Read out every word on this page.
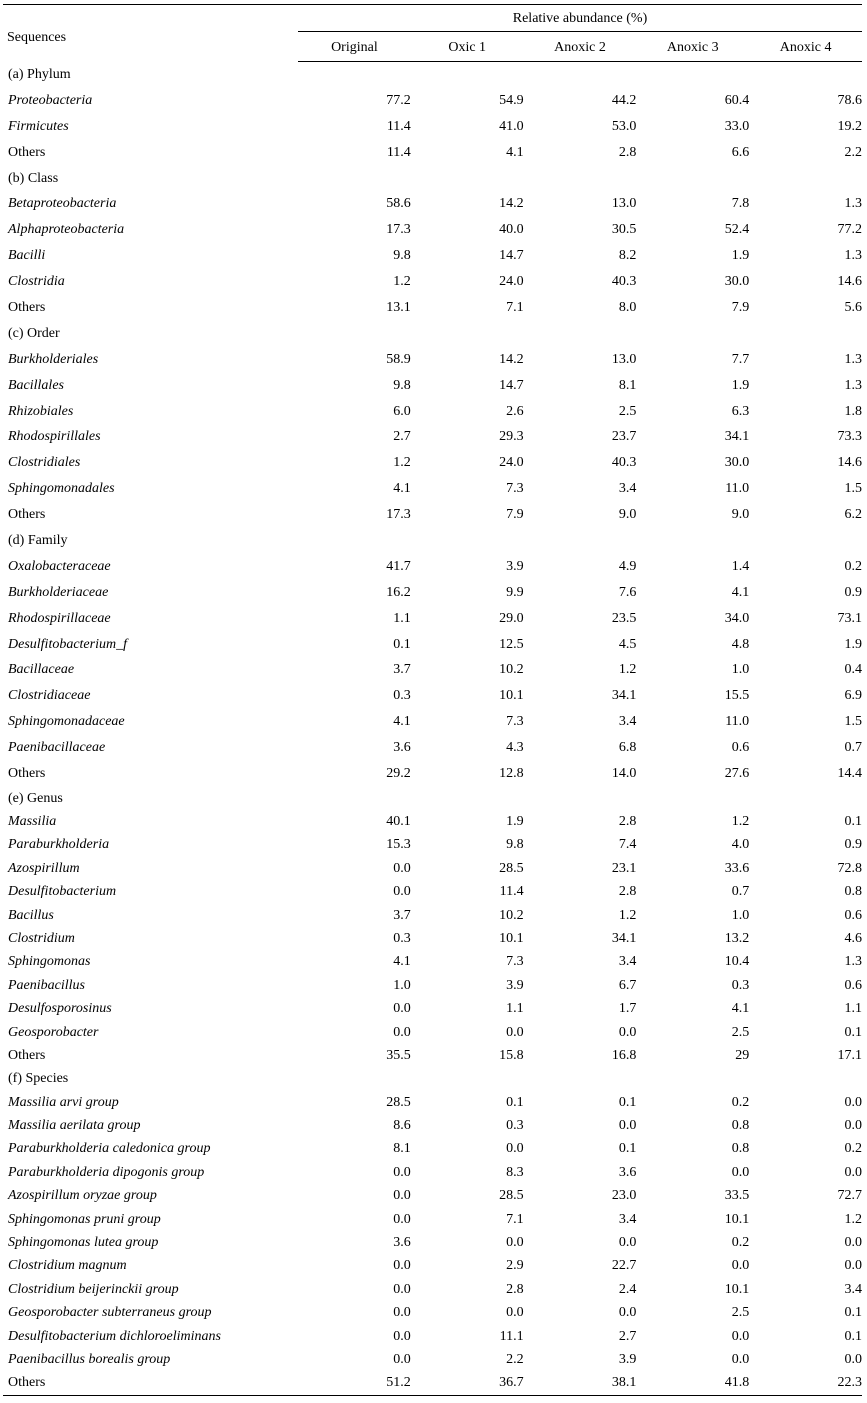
Sequences	Relative abundance (%)				

	Original	Oxic 1	Anoxic 2	Anoxic 3	Anoxic 4
(a) Phylum					
Proteobacteria	77.2	54.9	44.2	60.4	78.6
Firmicutes	11.4	41.0	53.0	33.0	19.2
Others	11.4	4.1	2.8	6.6	2.2
(b) Class					
Betaproteobacteria	58.6	14.2	13.0	7.8	1.3
Alphaproteobacteria	17.3	40.0	30.5	52.4	77.2
Bacilli	9.8	14.7	8.2	1.9	1.3
Clostridia	1.2	24.0	40.3	30.0	14.6
Others	13.1	7.1	8.0	7.9	5.6
(c) Order					
Burkholderiales	58.9	14.2	13.0	7.7	1.3
Bacillales	9.8	14.7	8.1	1.9	1.3
Rhizobiales	6.0	2.6	2.5	6.3	1.8
Rhodospirillales	2.7	29.3	23.7	34.1	73.3
Clostridiales	1.2	24.0	40.3	30.0	14.6
Sphingomonadales	4.1	7.3	3.4	11.0	1.5
Others	17.3	7.9	9.0	9.0	6.2
(d) Family					
Oxalobacteraceae	41.7	3.9	4.9	1.4	0.2
Burkholderiaceae	16.2	9.9	7.6	4.1	0.9
Rhodospirillaceae	1.1	29.0	23.5	34.0	73.1
Desulfitobacterium_f	0.1	12.5	4.5	4.8	1.9
Bacillaceae	3.7	10.2	1.2	1.0	0.4
Clostridiaceae	0.3	10.1	34.1	15.5	6.9
Sphingomonadaceae	4.1	7.3	3.4	11.0	1.5
Paenibacillaceae	3.6	4.3	6.8	0.6	0.7
Others	29.2	12.8	14.0	27.6	14.4
(e) Genus					
Massilia	40.1	1.9	2.8	1.2	0.1
Paraburkholderia	15.3	9.8	7.4	4.0	0.9
Azospirillum	0.0	28.5	23.1	33.6	72.8
Desulfitobacterium	0.0	11.4	2.8	0.7	0.8
Bacillus	3.7	10.2	1.2	1.0	0.6
Clostridium	0.3	10.1	34.1	13.2	4.6
Sphingomonas	4.1	7.3	3.4	10.4	1.3
Paenibacillus	1.0	3.9	6.7	0.3	0.6
Desulfosporosinus	0.0	1.1	1.7	4.1	1.1
Geosporobacter	0.0	0.0	0.0	2.5	0.1
Others	35.5	15.8	16.8	29	17.1
(f) Species					
Massilia arvi group	28.5	0.1	0.1	0.2	0.0
Massilia aerilata group	8.6	0.3	0.0	0.8	0.0
Paraburkholderia caledonica group	8.1	0.0	0.1	0.8	0.2
Paraburkholderia dipogonis group	0.0	8.3	3.6	0.0	0.0
Azospirillum oryzae group	0.0	28.5	23.0	33.5	72.7
Sphingomonas pruni group	0.0	7.1	3.4	10.1	1.2
Sphingomonas lutea group	3.6	0.0	0.0	0.2	0.0
Clostridium magnum	0.0	2.9	22.7	0.0	0.0
Clostridium beijerinckii group	0.0	2.8	2.4	10.1	3.4
Geosporobacter subterraneus group	0.0	0.0	0.0	2.5	0.1
Desulfitobacterium dichloroeliminans	0.0	11.1	2.7	0.0	0.1
Paenibacillus borealis group	0.0	2.2	3.9	0.0	0.0
Others	51.2	36.7	38.1	41.8	22.3
